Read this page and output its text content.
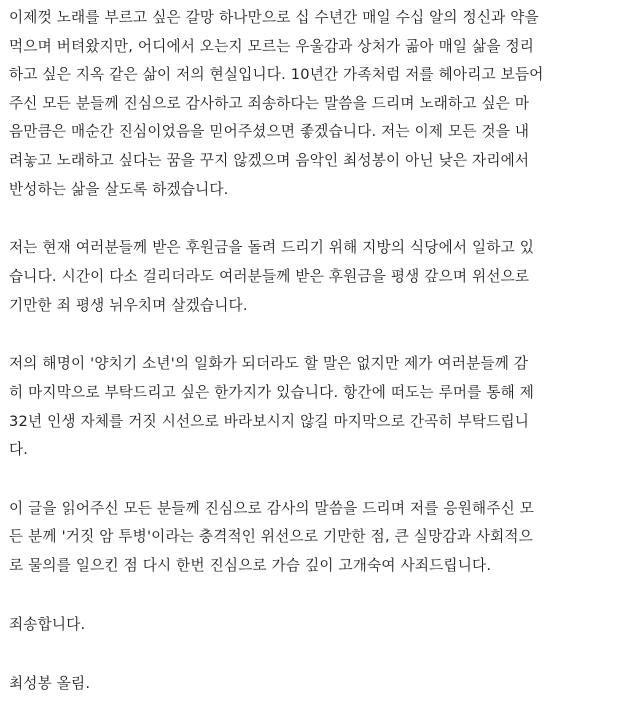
이제껏 노래를 부르고 싶은 갈망 하나만으로 십 수년간 매일 수십 알의 정신과 약을
먹으며 버텨왔지만, 어디에서 오는지 모르는 우울감과 상처가 곪아 매일 삶을 정리
하고 싶은 지옥 같은 삶이 저의 현실입니다. 10년간 가족처럼 저를 헤아리고 보듬어
주신 모든 분들께 진심으로 감사하고 죄송하다는 말씀을 드리며 노래하고 싶은 마
음만큼은 매순간 진심이었음을 믿어주셨으면 좋겠습니다. 저는 이제 모든 것을 내
려놓고 노래하고 싶다는 꿈을 꾸지 않겠으며 음악인 최성봉이 아닌 낮은 자리에서
반성하는 삶을 살도록 하겠습니다.
저는 현재 여러분들께 받은 후원금을 돌려 드리기 위해 지방의 식당에서 일하고 있
습니다. 시간이 다소 걸리더라도 여러분들께 받은 후원금을 평생 갚으며 위선으로
기만한 죄 평생 뉘우치며 살겠습니다.
저의 해명이 '양치기 소년'의 일화가 되더라도 할 말은 없지만 제가 여러분들께 감
히 마지막으로 부탁드리고 싶은 한가지가 있습니다. 항간에 떠도는 루머를 통해 제
32년 인생 자체를 거짓 시선으로 바라보시지 않길 마지막으로 간곡히 부탁드립니
다.
이 글을 읽어주신 모든 분들께 진심으로 감사의 말씀을 드리며 저를 응원해주신 모
든 분께 '거짓 암 투병'이라는 충격적인 위선으로 기만한 점, 큰 실망감과 사회적으
로 물의를 일으킨 점 다시 한번 진심으로 가슴 깊이 고개숙여 사죄드립니다.
죄송합니다.
최성봉 올림.
